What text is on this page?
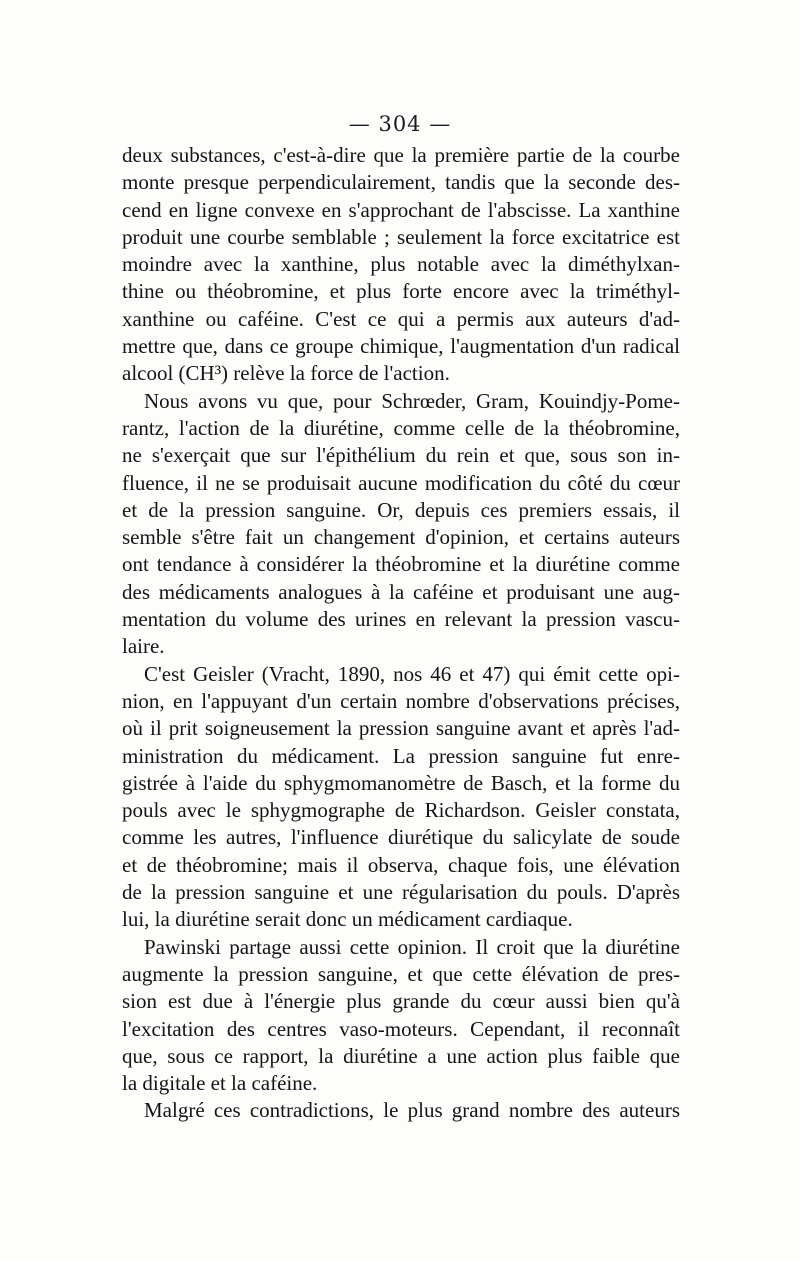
— 304 —
deux substances, c'est-à-dire que la première partie de la courbe
monte presque perpendiculairement, tandis que la seconde des-
cend en ligne convexe en s'approchant de l'abscisse. La xanthine
produit une courbe semblable ; seulement la force excitatrice est
moindre avec la xanthine, plus notable avec la diméthylxan-
thine ou théobromine, et plus forte encore avec la triméthyl-
xanthine ou caféine. C'est ce qui a permis aux auteurs d'ad-
mettre que, dans ce groupe chimique, l'augmentation d'un radical
alcool (CH³) relève la force de l'action.
Nous avons vu que, pour Schrœder, Gram, Kouindjy-Pome-
rantz, l'action de la diurétine, comme celle de la théobromine,
ne s'exerçait que sur l'épithélium du rein et que, sous son in-
fluence, il ne se produisait aucune modification du côté du cœur
et de la pression sanguine. Or, depuis ces premiers essais, il
semble s'être fait un changement d'opinion, et certains auteurs
ont tendance à considérer la théobromine et la diurétine comme
des médicaments analogues à la caféine et produisant une aug-
mentation du volume des urines en relevant la pression vascu-
laire.
C'est Geisler (Vracht, 1890, nos 46 et 47) qui émit cette opi-
nion, en l'appuyant d'un certain nombre d'observations précises,
où il prit soigneusement la pression sanguine avant et après l'ad-
ministration du médicament. La pression sanguine fut enre-
gistrée à l'aide du sphygmomanomètre de Basch, et la forme du
pouls avec le sphygmographe de Richardson. Geisler constata,
comme les autres, l'influence diurétique du salicylate de soude
et de théobromine; mais il observa, chaque fois, une élévation
de la pression sanguine et une régularisation du pouls. D'après
lui, la diurétine serait donc un médicament cardiaque.
Pawinski partage aussi cette opinion. Il croit que la diurétine
augmente la pression sanguine, et que cette élévation de pres-
sion est due à l'énergie plus grande du cœur aussi bien qu'à
l'excitation des centres vaso-moteurs. Cependant, il reconnaît
que, sous ce rapport, la diurétine a une action plus faible que
la digitale et la caféine.
Malgré ces contradictions, le plus grand nombre des auteurs
